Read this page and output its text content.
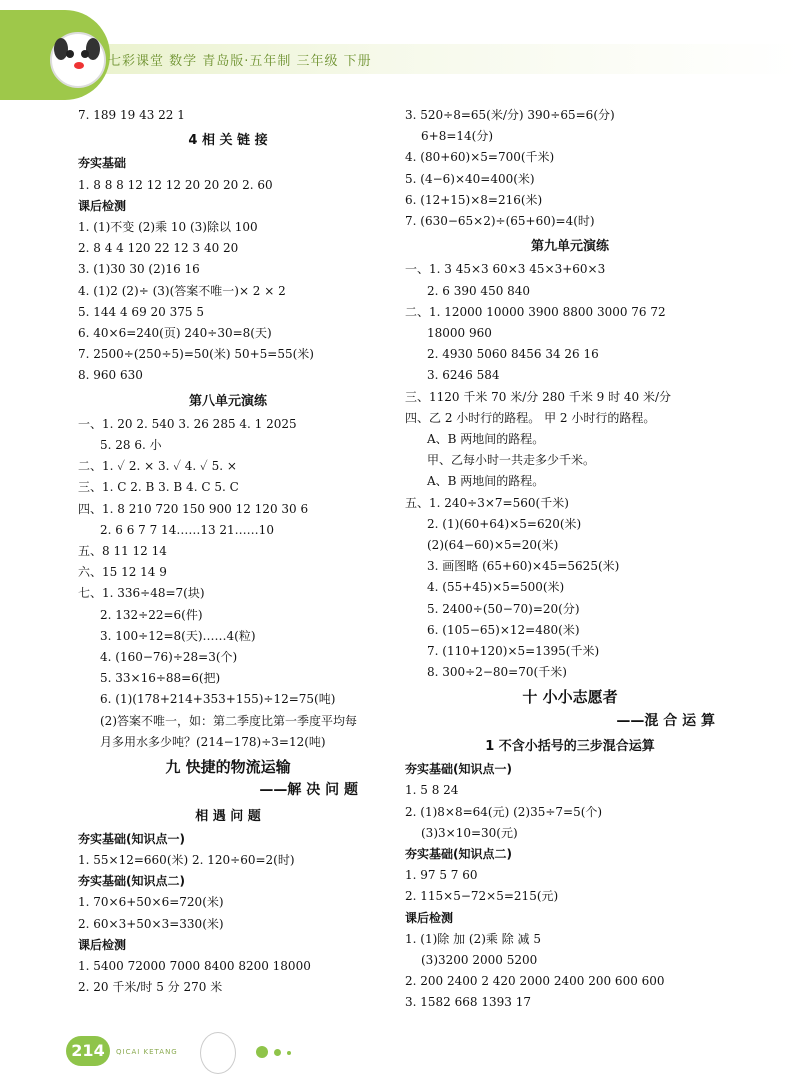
七彩课堂 数学 青岛版·五年制 三年级 下册
7. 189 19 43 22 1
4 相 关 链 接
夯实基础
1. 8 8 8 12 12 12 20 20 20 2. 60
课后检测
1. (1)不变 (2)乘 10 (3)除以 100
2. 8 4 4 120 22 12 3 40 20
3. (1)30 30 (2)16 16
4. (1)2 (2)÷ (3)(答案不唯一)× 2 × 2
5. 144 4 69 20 375 5
6. 40×6=240(页) 240÷30=8(天)
7. 2500÷(250÷5)=50(米) 50+5=55(米)
8. 960 630
第八单元演练
一、1. 20 2. 540 3. 26 285 4. 1 2025
5. 28 6. 小
二、1. ✓ 2. × 3. ✓ 4. ✓ 5. ×
三、1. C 2. B 3. B 4. C 5. C
四、1. 8 210 720 150 900 12 120 30 6
2. 6 6 7 7 14……13 21……10
五、8 11 12 14
六、15 12 14 9
七、1. 336÷48=7(块)
2. 132÷22=6(件)
3. 100÷12=8(天)……4(粒)
4. (160−76)÷28=3(个)
5. 33×16÷88=6(把)
6. (1)(178+214+353+155)÷12=75(吨)
(2)答案不唯一，如：第二季度比第一季度平均每
月多用水多少吨？(214−178)÷3=12(吨)
九 快捷的物流运输
——解 决 问 题
相 遇 问 题
夯实基础(知识点一)
1. 55×12=660(米) 2. 120÷60=2(时)
夯实基础(知识点二)
1. 70×6+50×6=720(米)
2. 60×3+50×3=330(米)
课后检测
1. 5400 72000 7000 8400 8200 18000
2. 20 千米/时 5 分 270 米
3. 520÷8=65(米/分) 390÷65=6(分)
6+8=14(分)
4. (80+60)×5=700(千米)
5. (4−6)×40=400(米)
6. (12+15)×8=216(米)
7. (630−65×2)÷(65+60)=4(时)
第九单元演练
一、1. 3 45×3 60×3 45×3+60×3
2. 6 390 450 840
二、1. 12000 10000 3900 8800 3000 76 72
18000 960
2. 4930 5060 8456 34 26 16
3. 6246 584
三、1120 千米 70 米/分 280 千米 9 时 40 米/分
四、乙 2 小时行的路程。 甲 2 小时行的路程。
A、B 两地间的路程。
甲、乙每小时一共走多少千米。
A、B 两地间的路程。
五、1. 240÷3×7=560(千米)
2. (1)(60+64)×5=620(米)
(2)(64−60)×5=20(米)
3. 画图略 (65+60)×45=5625(米)
4. (55+45)×5=500(米)
5. 2400÷(50−70)=20(分)
6. (105−65)×12=480(米)
7. (110+120)×5=1395(千米)
8. 300÷2−80=70(千米)
十 小小志愿者
——混 合 运 算
1 不含小括号的三步混合运算
夯实基础(知识点一)
1. 5 8 24
2. (1)8×8=64(元) (2)35÷7=5(个)
(3)3×10=30(元)
夯实基础(知识点二)
1. 97 5 7 60
2. 115×5−72×5=215(元)
课后检测
1. (1)除 加 (2)乘 除 减 5
(3)3200 2000 5200
2. 200 2400 2 420 2000 2400 200 600 600
3. 1582 668 1393 17
214	QICAI KETANG
